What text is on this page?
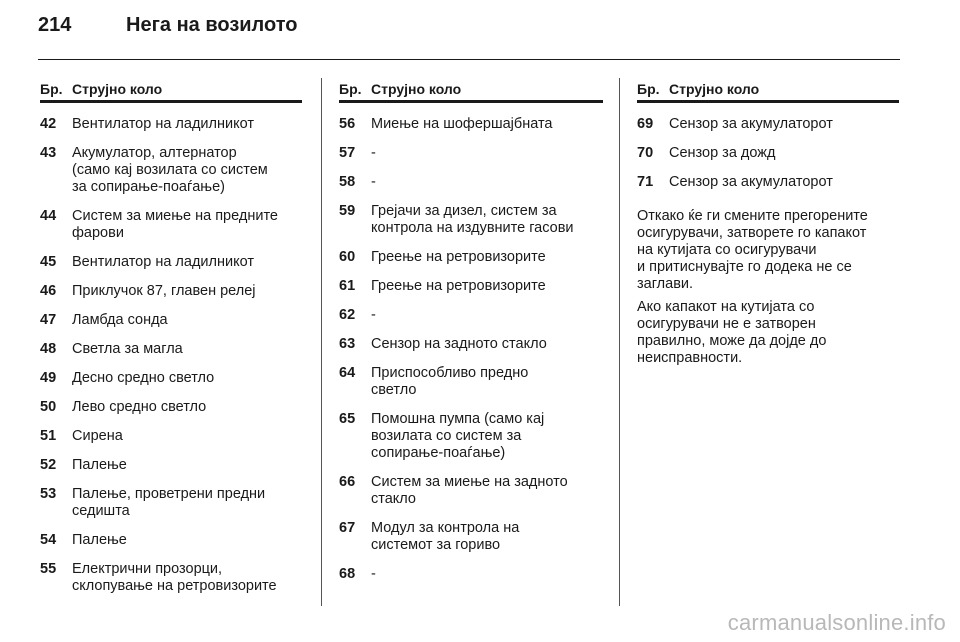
214	Нега на возилото
Бр. Струјно коло
42	Вентилатор на ладилникот
43	Акумулатор, алтернатор
(само кај возилата со систем
за сопирање-поаѓање)
44	Систем за миење на предните
фарови
45	Вентилатор на ладилникот
46	Приклучок 87, главен релеј
47	Ламбда сонда
48	Светла за магла
49	Десно средно светло
50	Лево средно светло
51	Сирена
52	Палење
53	Палење, проветрени предни
седишта
54	Палење
55	Електрични прозорци,
склопување на ретровизорите
Бр. Струјно коло
56	Миење на шофершајбната
57	-
58	-
59	Грејачи за дизел, систем за
контрола на издувните гасови
60	Греење на ретровизорите
61	Греење на ретровизорите
62	-
63	Сензор на задното стакло
64	Приспособливо предно
светло
65	Помошна пумпа (само кај
возилата со систем за
сопирање-поаѓање)
66	Систем за миење на задното
стакло
67	Модул за контрола на
системот за гориво
68	-
Бр. Струјно коло
69	Сензор за акумулаторот
70	Сензор за дожд
71	Сензор за акумулаторот

Откако ќе ги смените прегорените
осигурувачи, затворете го капакот
на кутијата со осигурувачи
и притиснувајте го додека не се
заглави.

Ако капакот на кутијата со
осигурувачи не е затворен
правилно, може да дојде до
неисправности.

carmanualsonline.info
